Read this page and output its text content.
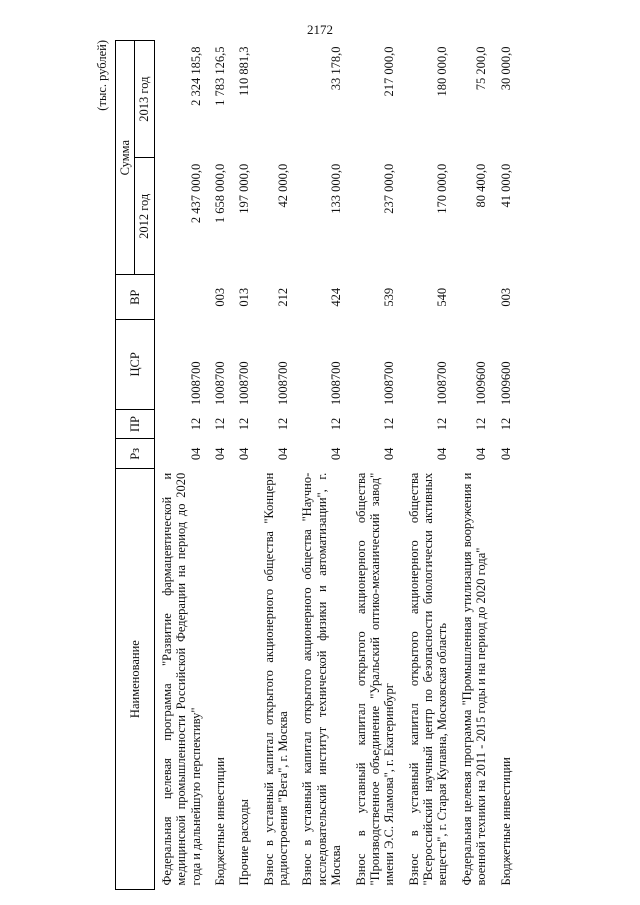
2172
(тыс. рублей)
Наименование	Рз	ПР	ЦСР	ВР	Сумма	
					2012 год	2013 год
Федеральная целевая программа "Развитие фармацевтической и медицинской промышленности Российской Федерации на период до 2020 года и дальнейшую перспективу"	04	12	1008700		2 437 000,0	2 324 185,8
Бюджетные инвестиции	04	12	1008700	003	1 658 000,0	1 783 126,5
Прочие расходы	04	12	1008700	013	197 000,0	110 881,3
Взнос в уставный капитал открытого акционерного общества "Концерн радиостроения "Вега", г. Москва	04	12	1008700	212	42 000,0	
Взнос в уставный капитал открытого акционерного общества "Научно-исследовательский институт технической физики и автоматизации", г. Москва	04	12	1008700	424	133 000,0	33 178,0
Взнос в уставный капитал открытого акционерного общества "Производственное объединение "Уральский оптико-механический завод" имени Э.С. Яламова", г. Екатеринбург	04	12	1008700	539	237 000,0	217 000,0
Взнос в уставный капитал открытого акционерного общества "Всероссийский научный центр по безопасности биологически активных веществ", г. Старая Купавна, Московская область	04	12	1008700	540	170 000,0	180 000,0
Федеральная целевая программа "Промышленная утилизация вооружения и военной техники на 2011 - 2015 годы и на период до 2020 года"	04	12	1009600		80 400,0	75 200,0
Бюджетные инвестиции	04	12	1009600	003	41 000,0	30 000,0
